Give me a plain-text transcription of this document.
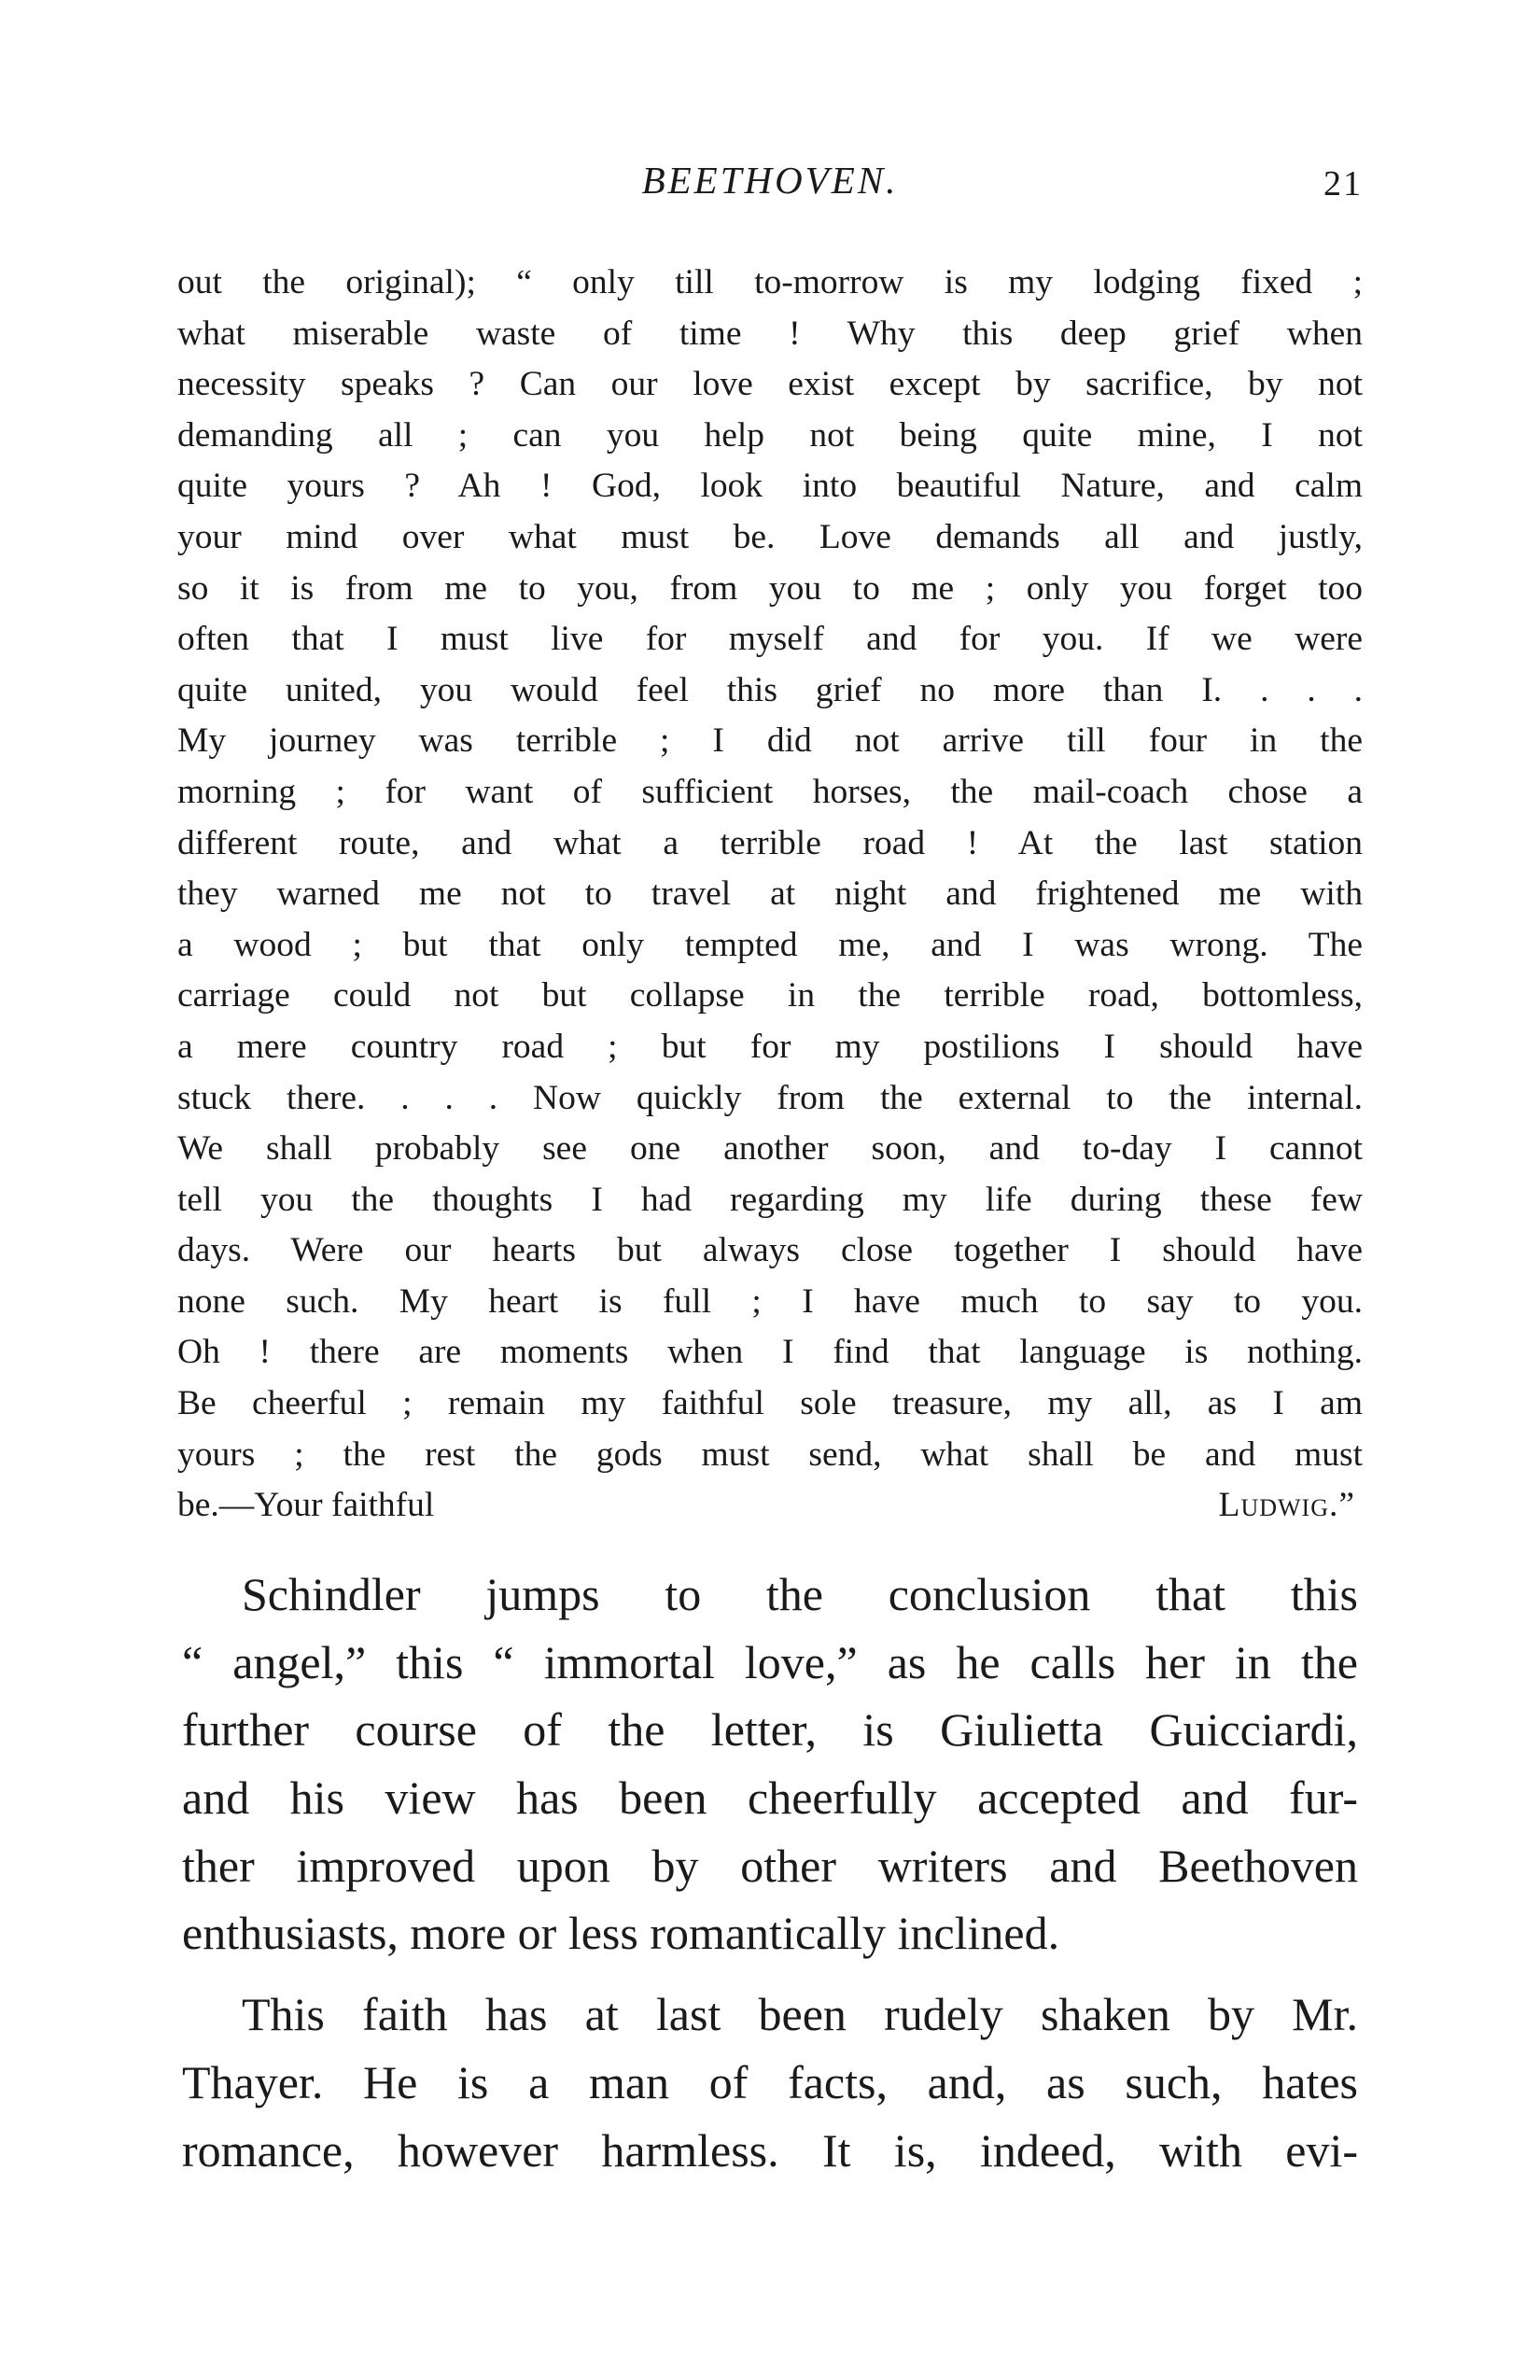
BEETHOVEN.	21
out the original); “ only till to-morrow is my lodging fixed ;
what miserable waste of time ! Why this deep grief when
necessity speaks ? Can our love exist except by sacrifice, by not
demanding all ; can you help not being quite mine, I not
quite yours ? Ah ! God, look into beautiful Nature, and calm
your mind over what must be. Love demands all and justly,
so it is from me to you, from you to me ; only you forget too
often that I must live for myself and for you. If we were
quite united, you would feel this grief no more than I. . . .
My journey was terrible ; I did not arrive till four in the
morning ; for want of sufficient horses, the mail-coach chose a
different route, and what a terrible road ! At the last station
they warned me not to travel at night and frightened me with
a wood ; but that only tempted me, and I was wrong. The
carriage could not but collapse in the terrible road, bottomless,
a mere country road ; but for my postilions I should have
stuck there. . . . Now quickly from the external to the internal.
We shall probably see one another soon, and to-day I cannot
tell you the thoughts I had regarding my life during these few
days. Were our hearts but always close together I should have
none such. My heart is full ; I have much to say to you.
Oh ! there are moments when I find that language is nothing.
Be cheerful ; remain my faithful sole treasure, my all, as I am
yours ; the rest the gods must send, what shall be and must
be.—Your faithful	Ludwig.”
Schindler jumps to the conclusion that this
“ angel,” this “ immortal love,” as he calls her in the
further course of the letter, is Giulietta Guicciardi,
and his view has been cheerfully accepted and fur-
ther improved upon by other writers and Beethoven
enthusiasts, more or less romantically inclined.
This faith has at last been rudely shaken by Mr.
Thayer. He is a man of facts, and, as such, hates
romance, however harmless. It is, indeed, with evi-
